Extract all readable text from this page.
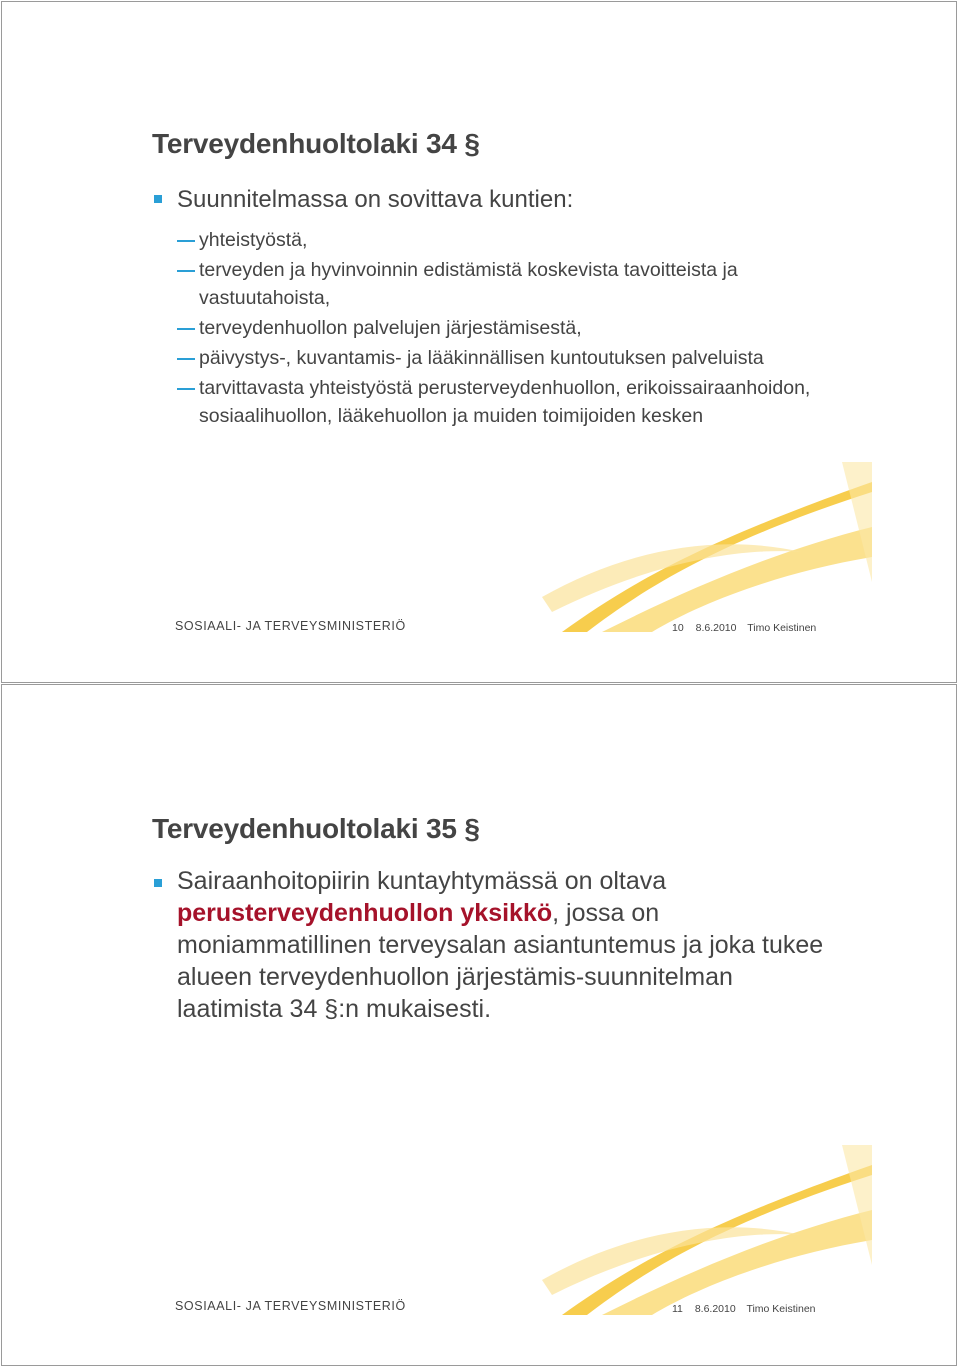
Terveydenhuoltolaki 34 §
Suunnitelmassa on sovittava kuntien:
yhteistyöstä,
terveyden ja hyvinvoinnin edistämistä koskevista tavoitteista ja vastuutahoista,
terveydenhuollon palvelujen järjestämisestä,
päivystys-, kuvantamis- ja lääkinnällisen kuntoutuksen palveluista
tarvittavasta yhteistyöstä perusterveydenhuollon, erikoissairaanhoidon, sosiaalihuollon, lääkehuollon ja muiden toimijoiden kesken
SOSIAALI- JA TERVEYSMINISTERIÖ	10 8.6.2010 Timo Keistinen
Terveydenhuoltolaki 35 §
Sairaanhoitopiirin kuntayhtymässä on oltava perusterveydenhuollon yksikkö, jossa on moniammatillinen terveysalan asiantuntemus ja joka tukee alueen terveydenhuollon järjestämis-suunnitelman laatimista 34 §:n mukaisesti.
SOSIAALI- JA TERVEYSMINISTERIÖ	11 8.6.2010 Timo Keistinen
